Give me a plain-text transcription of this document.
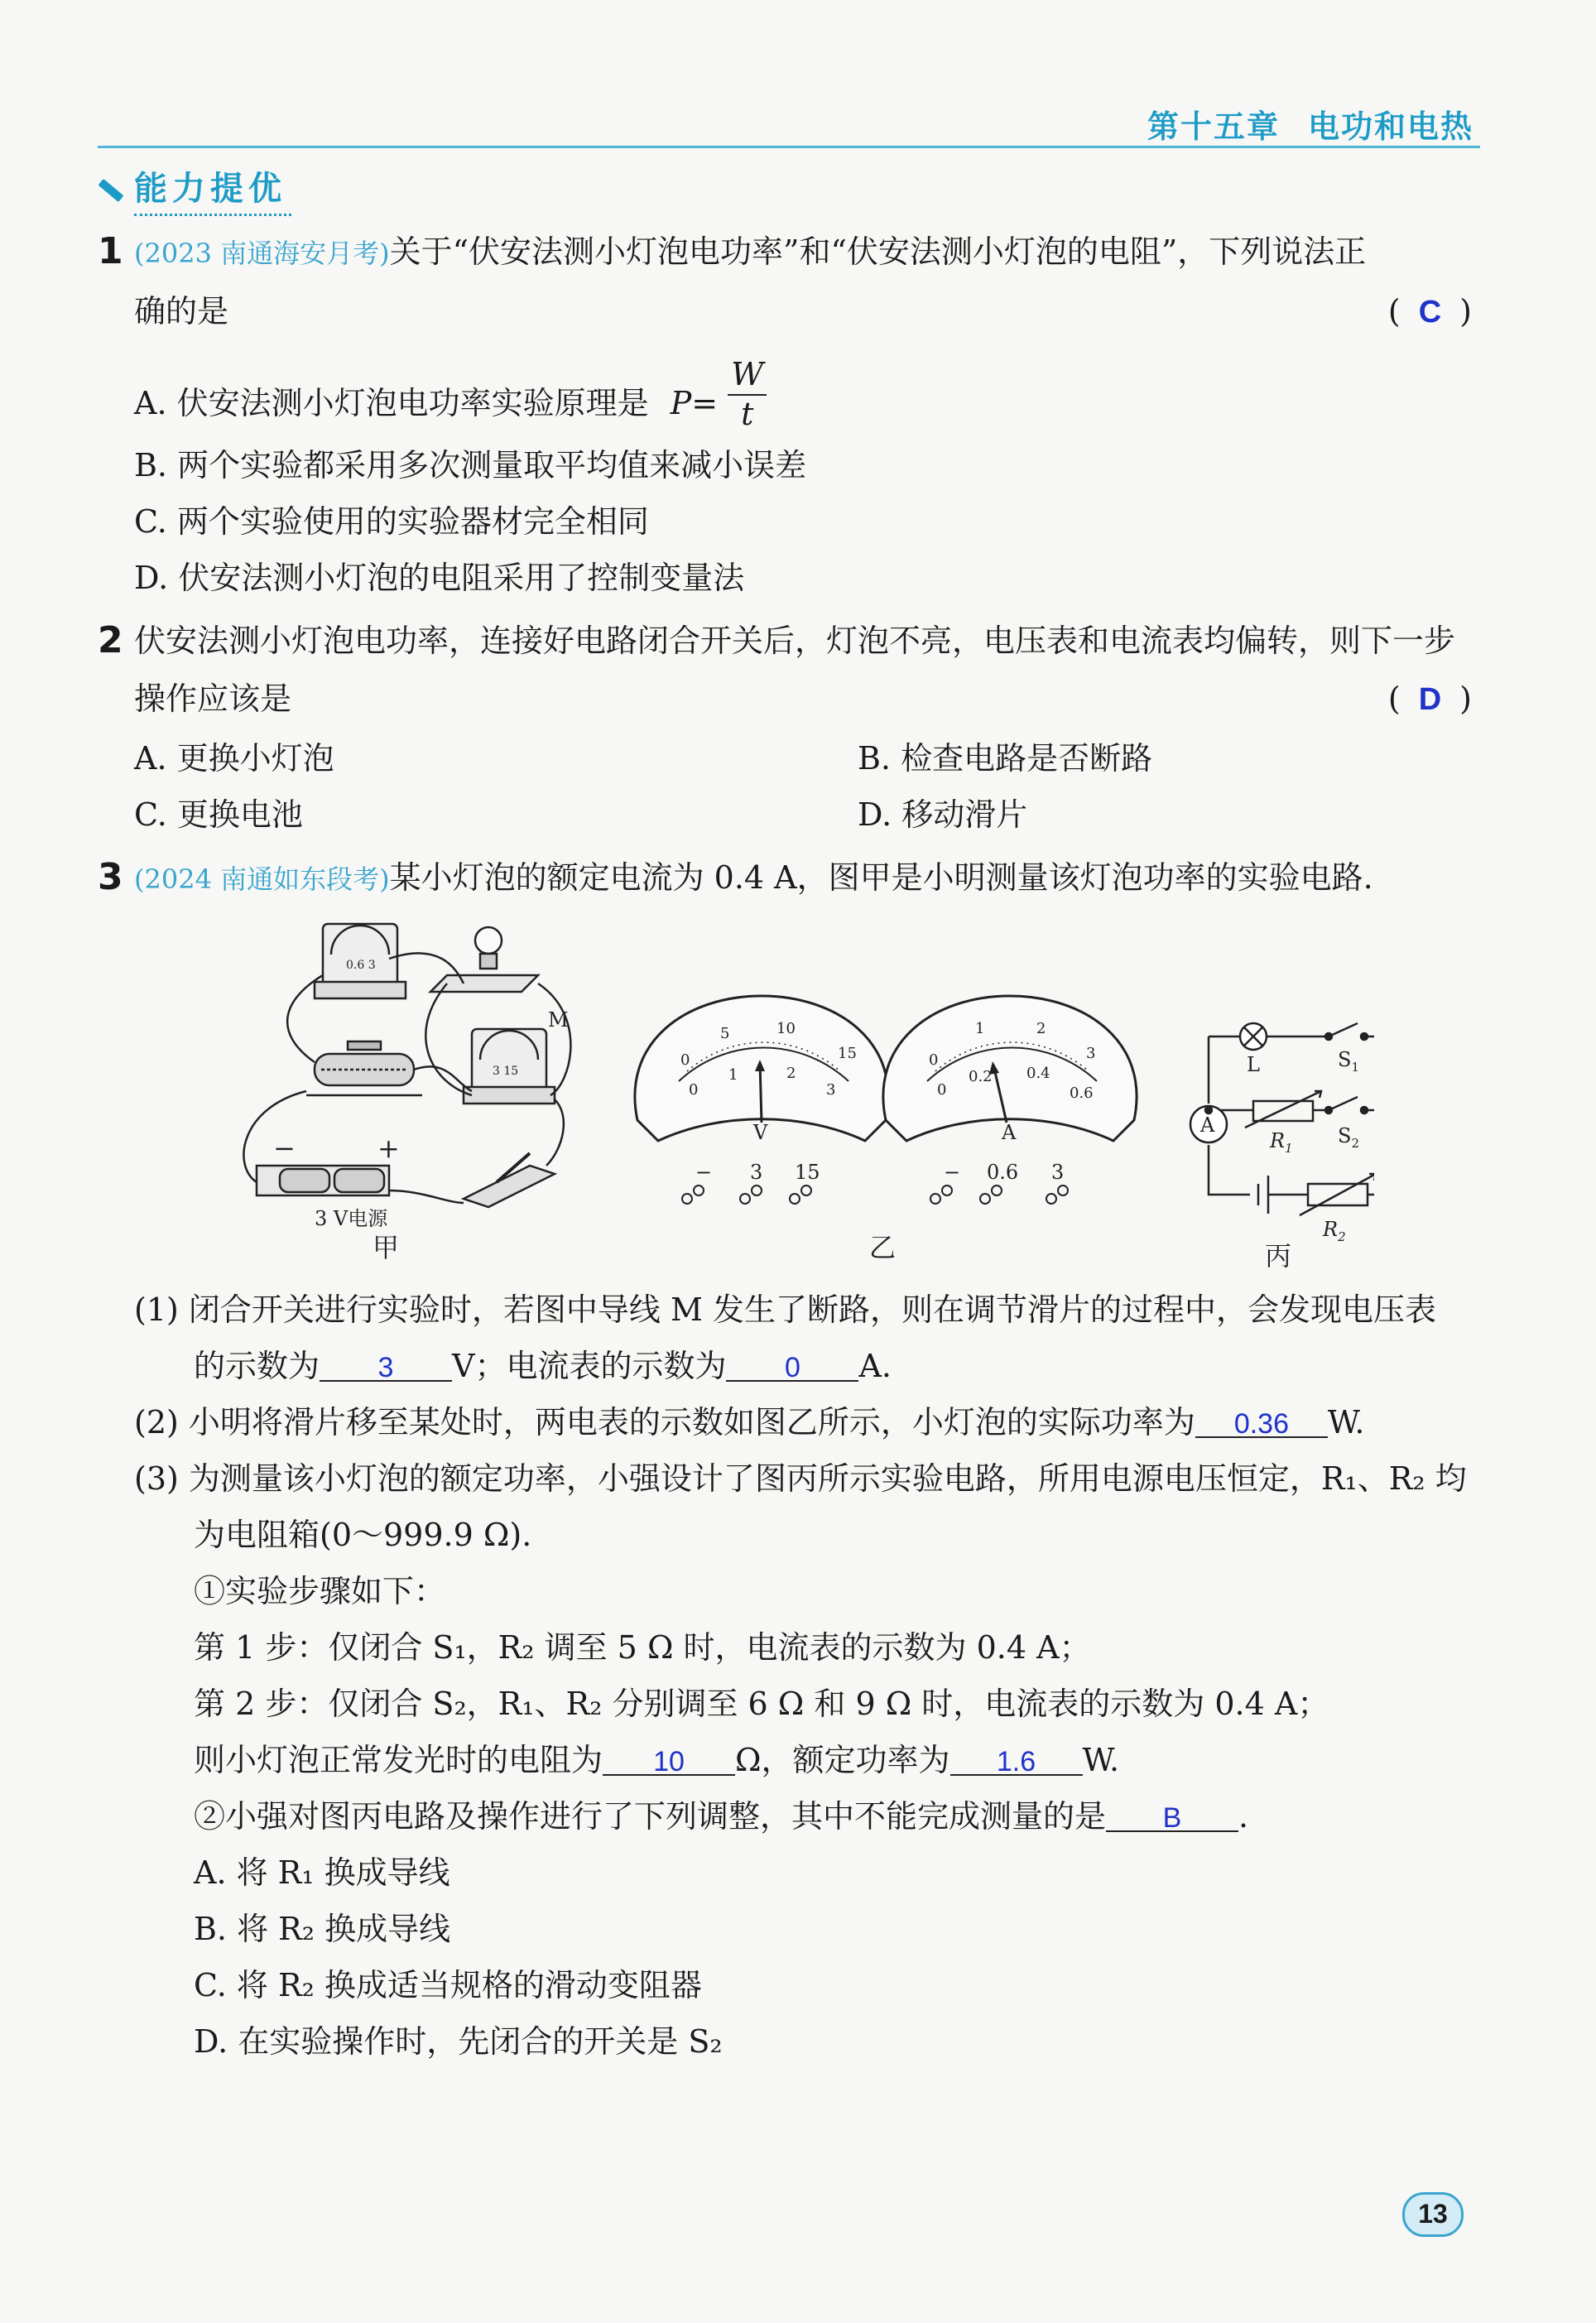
第十五章 电功和电热
能力提优
1 (2023 南通海安月考)关于“伏安法测小灯泡电功率”和“伏安法测小灯泡的电阻”，下列说法正
确的是	( C )
A. 伏安法测小灯泡电功率实验原理是 $P= \frac{W}{t}$
B. 两个实验都采用多次测量取平均值来减小误差
C. 两个实验使用的实验器材完全相同
D. 伏安法测小灯泡的电阻采用了控制变量法
2 伏安法测小灯泡电功率，连接好电路闭合开关后，灯泡不亮，电压表和电流表均偏转，则下一步
操作应该是	( D )
A. 更换小灯泡	B. 检查电路是否断路
C. 更换电池	D. 移动滑片
3 (2024 南通如东段考)某小灯泡的额定电流为 0.4 A，图甲是小明测量该灯泡功率的实验电路.
0.6 3
3 15
M
−	+
3 V电源
甲
0
5	10
15
0
1	2
3
V
− 3 15
0
1	2
3
0
0.2 0.4
0.6
A
− 0.6 3
乙
L	$S_1$
$R_1$
$S_2$
A
$R_2$
丙
(1) 闭合开关进行实验时，若图中导线 M 发生了断路，则在调节滑片的过程中，会发现电压表
的示数为 3 V；电流表的示数为 0 A.
(2) 小明将滑片移至某处时，两电表的示数如图乙所示，小灯泡的实际功率为 0.36 W.
(3) 为测量该小灯泡的额定功率，小强设计了图丙所示实验电路，所用电源电压恒定，R₁、R₂ 均
为电阻箱(0～999.9 Ω).
①实验步骤如下：
第 1 步：仅闭合 S₁，R₂ 调至 5 Ω 时，电流表的示数为 0.4 A；
第 2 步：仅闭合 S₂，R₁、R₂ 分别调至 6 Ω 和 9 Ω 时，电流表的示数为 0.4 A；
则小灯泡正常发光时的电阻为 10 Ω，额定功率为 1.6 W.
②小强对图丙电路及操作进行了下列调整，其中不能完成测量的是 B .
A. 将 R₁ 换成导线
B. 将 R₂ 换成导线
C. 将 R₂ 换成适当规格的滑动变阻器
D. 在实验操作时，先闭合的开关是 S₂
13
